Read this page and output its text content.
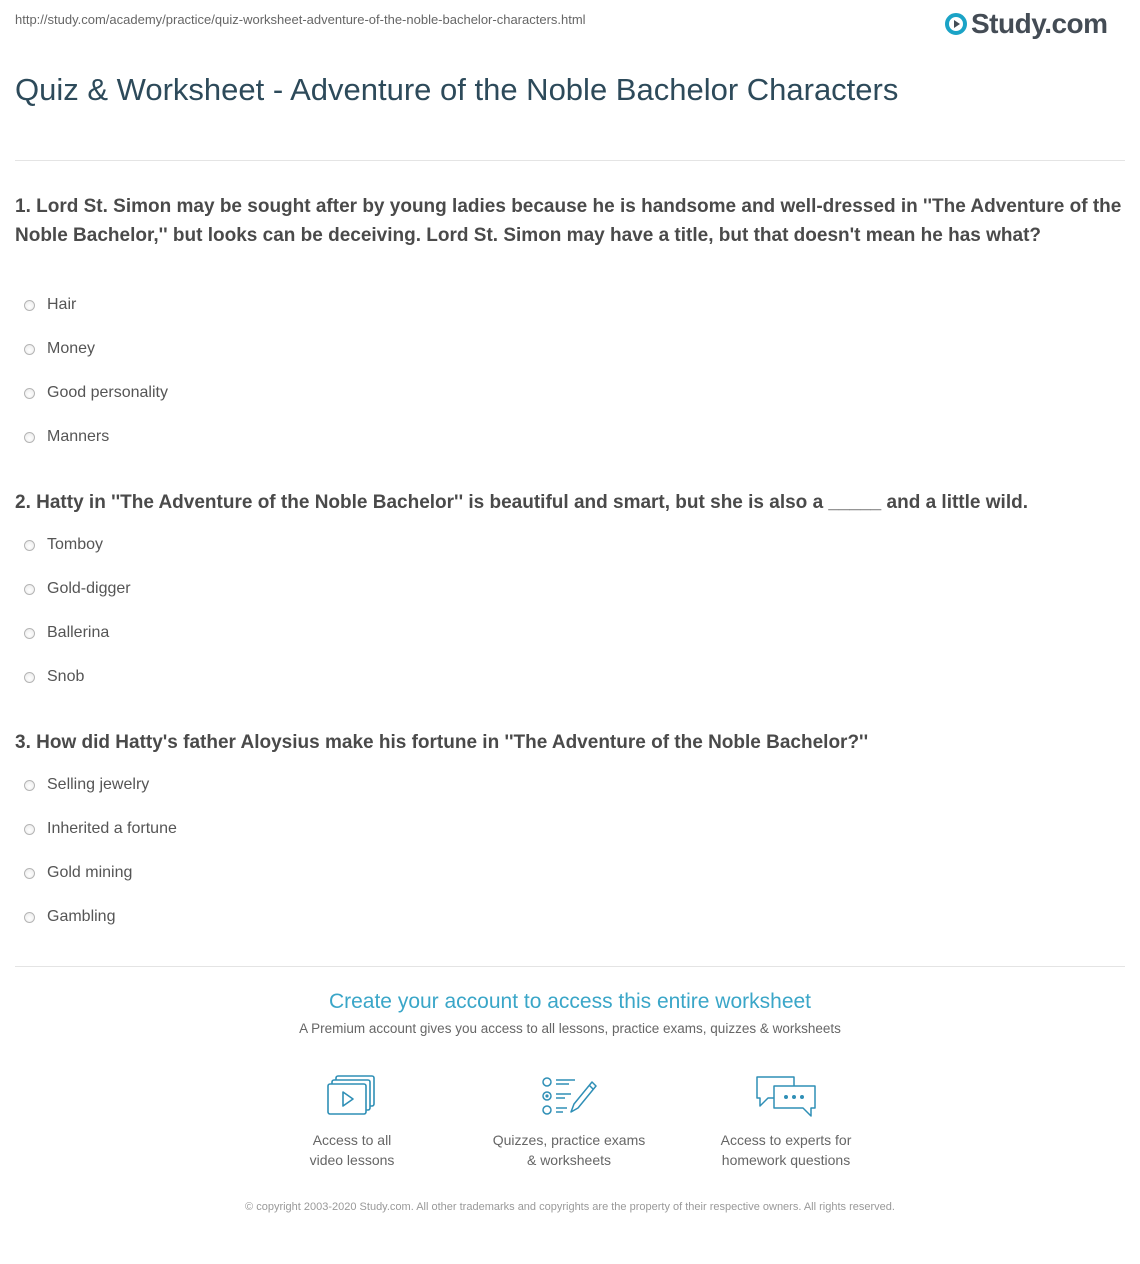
http://study.com/academy/practice/quiz-worksheet-adventure-of-the-noble-bachelor-characters.html	Study.com
Quiz & Worksheet - Adventure of the Noble Bachelor Characters
1. Lord St. Simon may be sought after by young ladies because he is handsome and well-dressed in ''The Adventure of the Noble Bachelor,'' but looks can be deceiving. Lord St. Simon may have a title, but that doesn't mean he has what?
Hair
Money
Good personality
Manners
2. Hatty in ''The Adventure of the Noble Bachelor'' is beautiful and smart, but she is also a _____ and a little wild.
Tomboy
Gold-digger
Ballerina
Snob
3. How did Hatty's father Aloysius make his fortune in ''The Adventure of the Noble Bachelor?''
Selling jewelry
Inherited a fortune
Gold mining
Gambling
Create your account to access this entire worksheet
A Premium account gives you access to all lessons, practice exams, quizzes & worksheets
Access to all
video lessons
Quizzes, practice exams
& worksheets
Access to experts for
homework questions
© copyright 2003-2020 Study.com. All other trademarks and copyrights are the property of their respective owners. All rights reserved.
